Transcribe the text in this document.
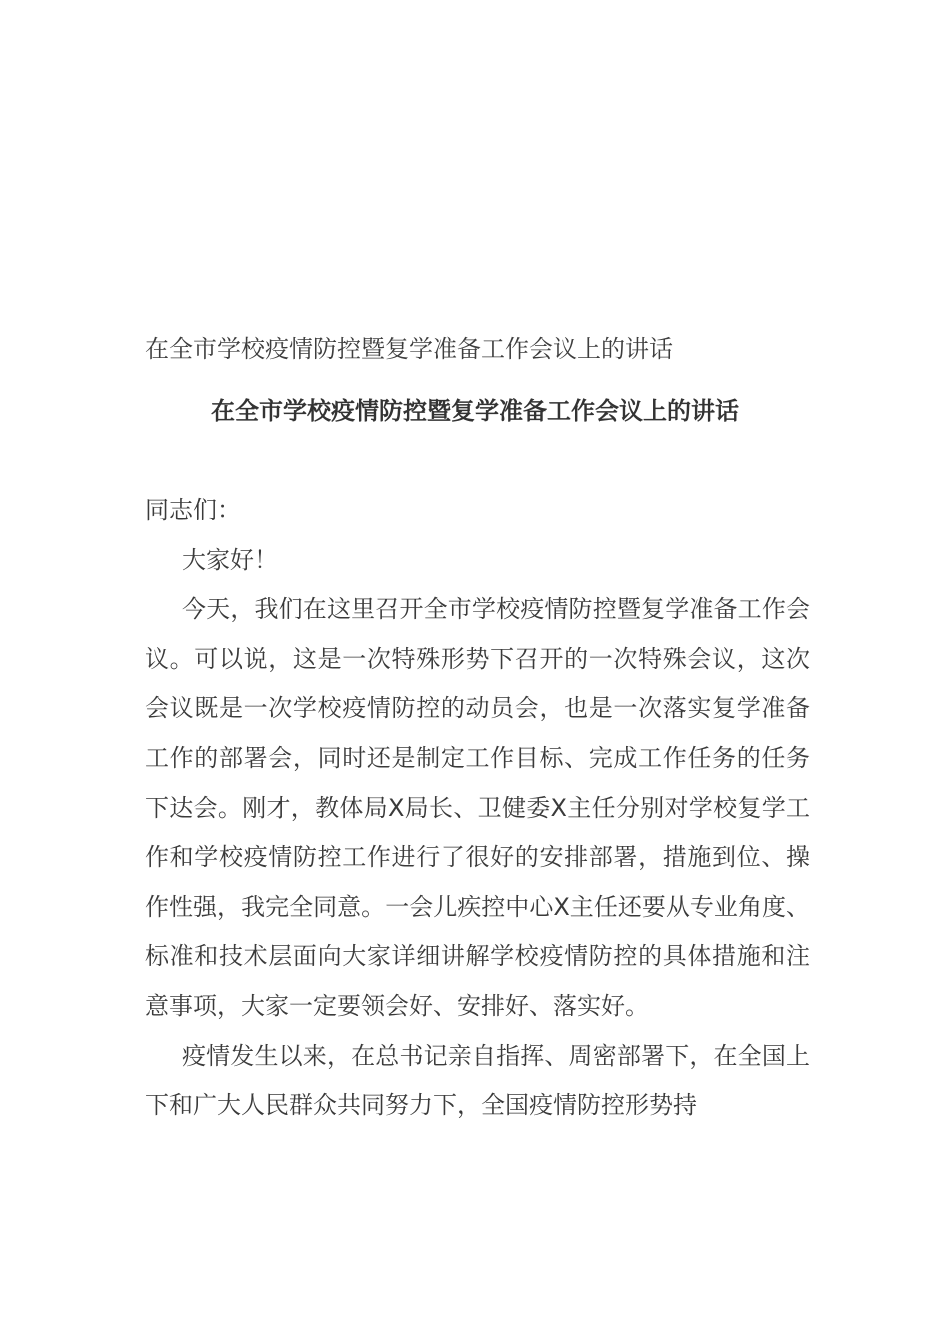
在全市学校疫情防控暨复学准备工作会议上的讲话
在全市学校疫情防控暨复学准备工作会议上的讲话

同志们：

大家好！

今天，我们在这里召开全市学校疫情防控暨复学准备工作会议。可以说，这是一次特殊形势下召开的一次特殊会议，这次会议既是一次学校疫情防控的动员会，也是一次落实复学准备工作的部署会，同时还是制定工作目标、完成工作任务的任务下达会。刚才，教体局X局长、卫健委X主任分别对学校复学工作和学校疫情防控工作进行了很好的安排部署，措施到位、操作性强，我完全同意。一会儿疾控中心X主任还要从专业角度、标准和技术层面向大家详细讲解学校疫情防控的具体措施和注意事项，大家一定要领会好、安排好、落实好。

疫情发生以来，在总书记亲自指挥、周密部署下，在全国上下和广大人民群众共同努力下，全国疫情防控形势持
